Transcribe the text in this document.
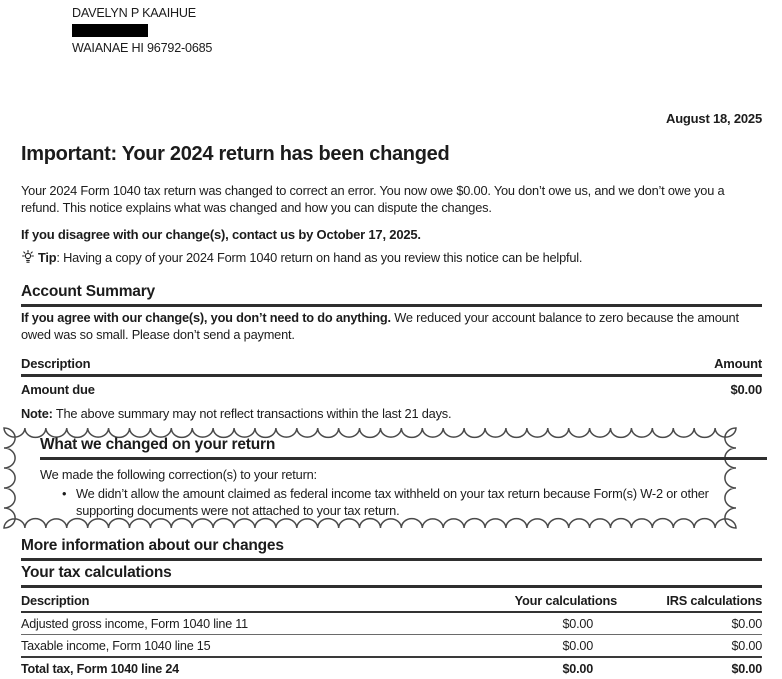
DAVELYN P KAAIHUE
WAIANAE HI 96792-0685
August 18, 2025
Important: Your 2024 return has been changed
Your 2024 Form 1040 tax return was changed to correct an error. You now owe $0.00. You don’t owe us, and we don’t owe you a refund. This notice explains what was changed and how you can dispute the changes.
If you disagree with our change(s), contact us by October 17, 2025.
Tip: Having a copy of your 2024 Form 1040 return on hand as you review this notice can be helpful.
Account Summary
If you agree with our change(s), you don’t need to do anything. We reduced your account balance to zero because the amount owed was so small. Please don’t send a payment.
Description	Amount
Amount due	$0.00
Note: The above summary may not reflect transactions within the last 21 days.
What we changed on your return
We made the following correction(s) to your return:
• We didn’t allow the amount claimed as federal income tax withheld on your tax return because Form(s) W-2 or other supporting documents were not attached to your tax return.
More information about our changes
Your tax calculations
Description	Your calculations	IRS calculations
Adjusted gross income, Form 1040 line 11	$0.00	$0.00
Taxable income, Form 1040 line 15	$0.00	$0.00
Total tax, Form 1040 line 24	$0.00	$0.00
